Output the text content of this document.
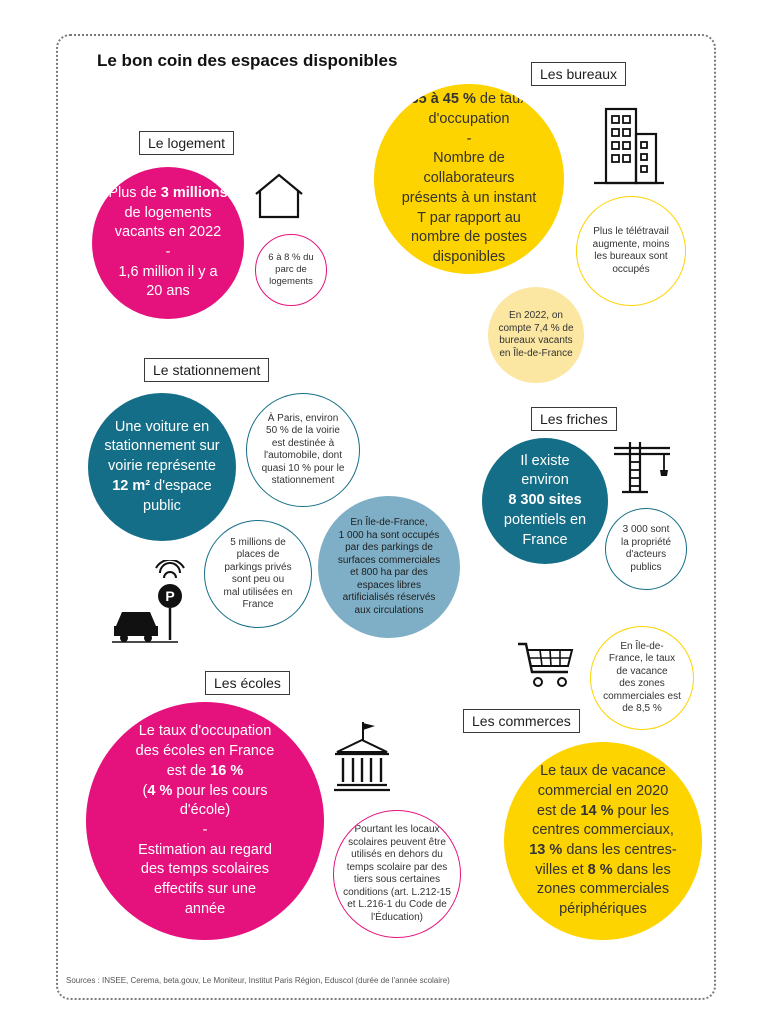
Le bon coin des espaces disponibles
Le logement
Plus de 3 millions
de logements
vacants en 2022
-
1,6 million il y a
20 ans
6 à 8 % du
parc de
logements
Les bureaux
35 à 45 % de taux
d'occupation
-
Nombre de
collaborateurs
présents à un instant
T par rapport au
nombre de postes
disponibles
Plus le télétravail
augmente, moins
les bureaux sont
occupés
En 2022, on
compte 7,4 % de
bureaux vacants
en Île-de-France
Le stationnement
Une voiture en
stationnement sur
voirie représente
12 m² d'espace
public
À Paris, environ
50 % de la voirie
est destinée à
l'automobile, dont
quasi 10 % pour le
stationnement
5 millions de
places de
parkings privés
sont peu ou
mal utilisées en
France
En Île-de-France,
1 000 ha sont occupés
par des parkings de
surfaces commerciales
et 800 ha par des
espaces libres
artificialisés réservés
aux circulations
P
Les friches
Il existe environ
8 300 sites
potentiels en
France
3 000 sont
la propriété
d'acteurs
publics
Les écoles
Le taux d'occupation
des écoles en France
est de 16 %
(4 % pour les cours
d'école)
-
Estimation au regard
des temps scolaires
effectifs sur une
année
Pourtant les locaux
scolaires peuvent être
utilisés en dehors du
temps scolaire par des
tiers sous certaines
conditions (art. L.212-15
et L.216-1 du Code de
l'Éducation)
En Île-de-
France, le taux
de vacance
des zones
commerciales est
de 8,5 %
Les commerces
Le taux de vacance
commercial en 2020
est de 14 % pour les
centres commerciaux,
13 % dans les centres-
villes et 8 % dans les
zones commerciales
périphériques
Sources : INSEE, Cerema, beta.gouv, Le Moniteur, Institut Paris Région, Eduscol (durée de l'année scolaire)
